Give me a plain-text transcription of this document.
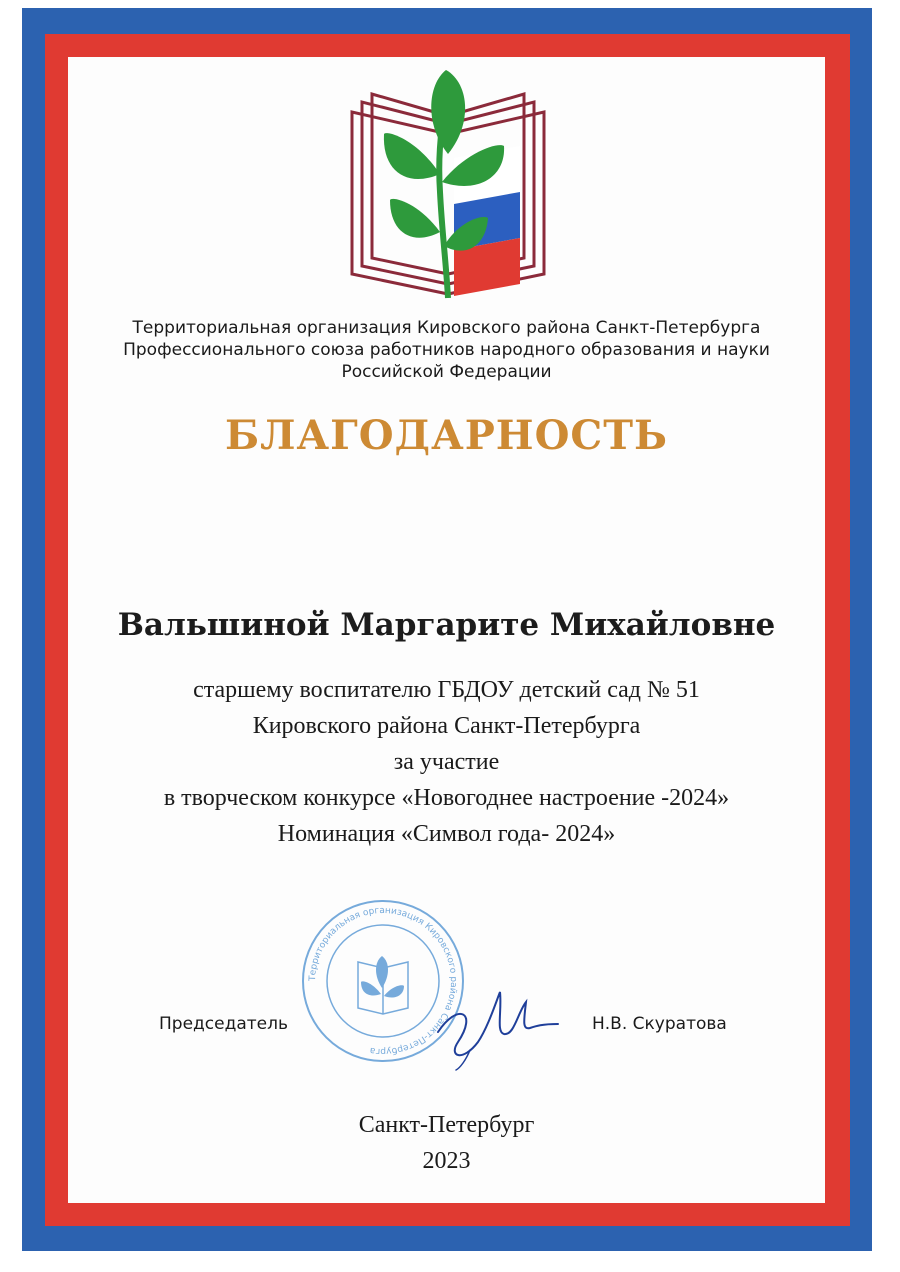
Территориальная организация Кировского района Санкт-Петербурга
Профессионального союза работников народного образования и науки
Российской Федерации
БЛАГОДАРНОСТЬ
Вальшиной Маргарите Михайловне
старшему воспитателю ГБДОУ детский сад № 51
Кировского района Санкт-Петербурга
за участие
в творческом конкурсе «Новогоднее настроение -2024»
Номинация «Символ года- 2024»
Территориальная организация Кировского района Санкт-Петербурга
Председатель	Н.В. Скуратова
Санкт-Петербург
2023
